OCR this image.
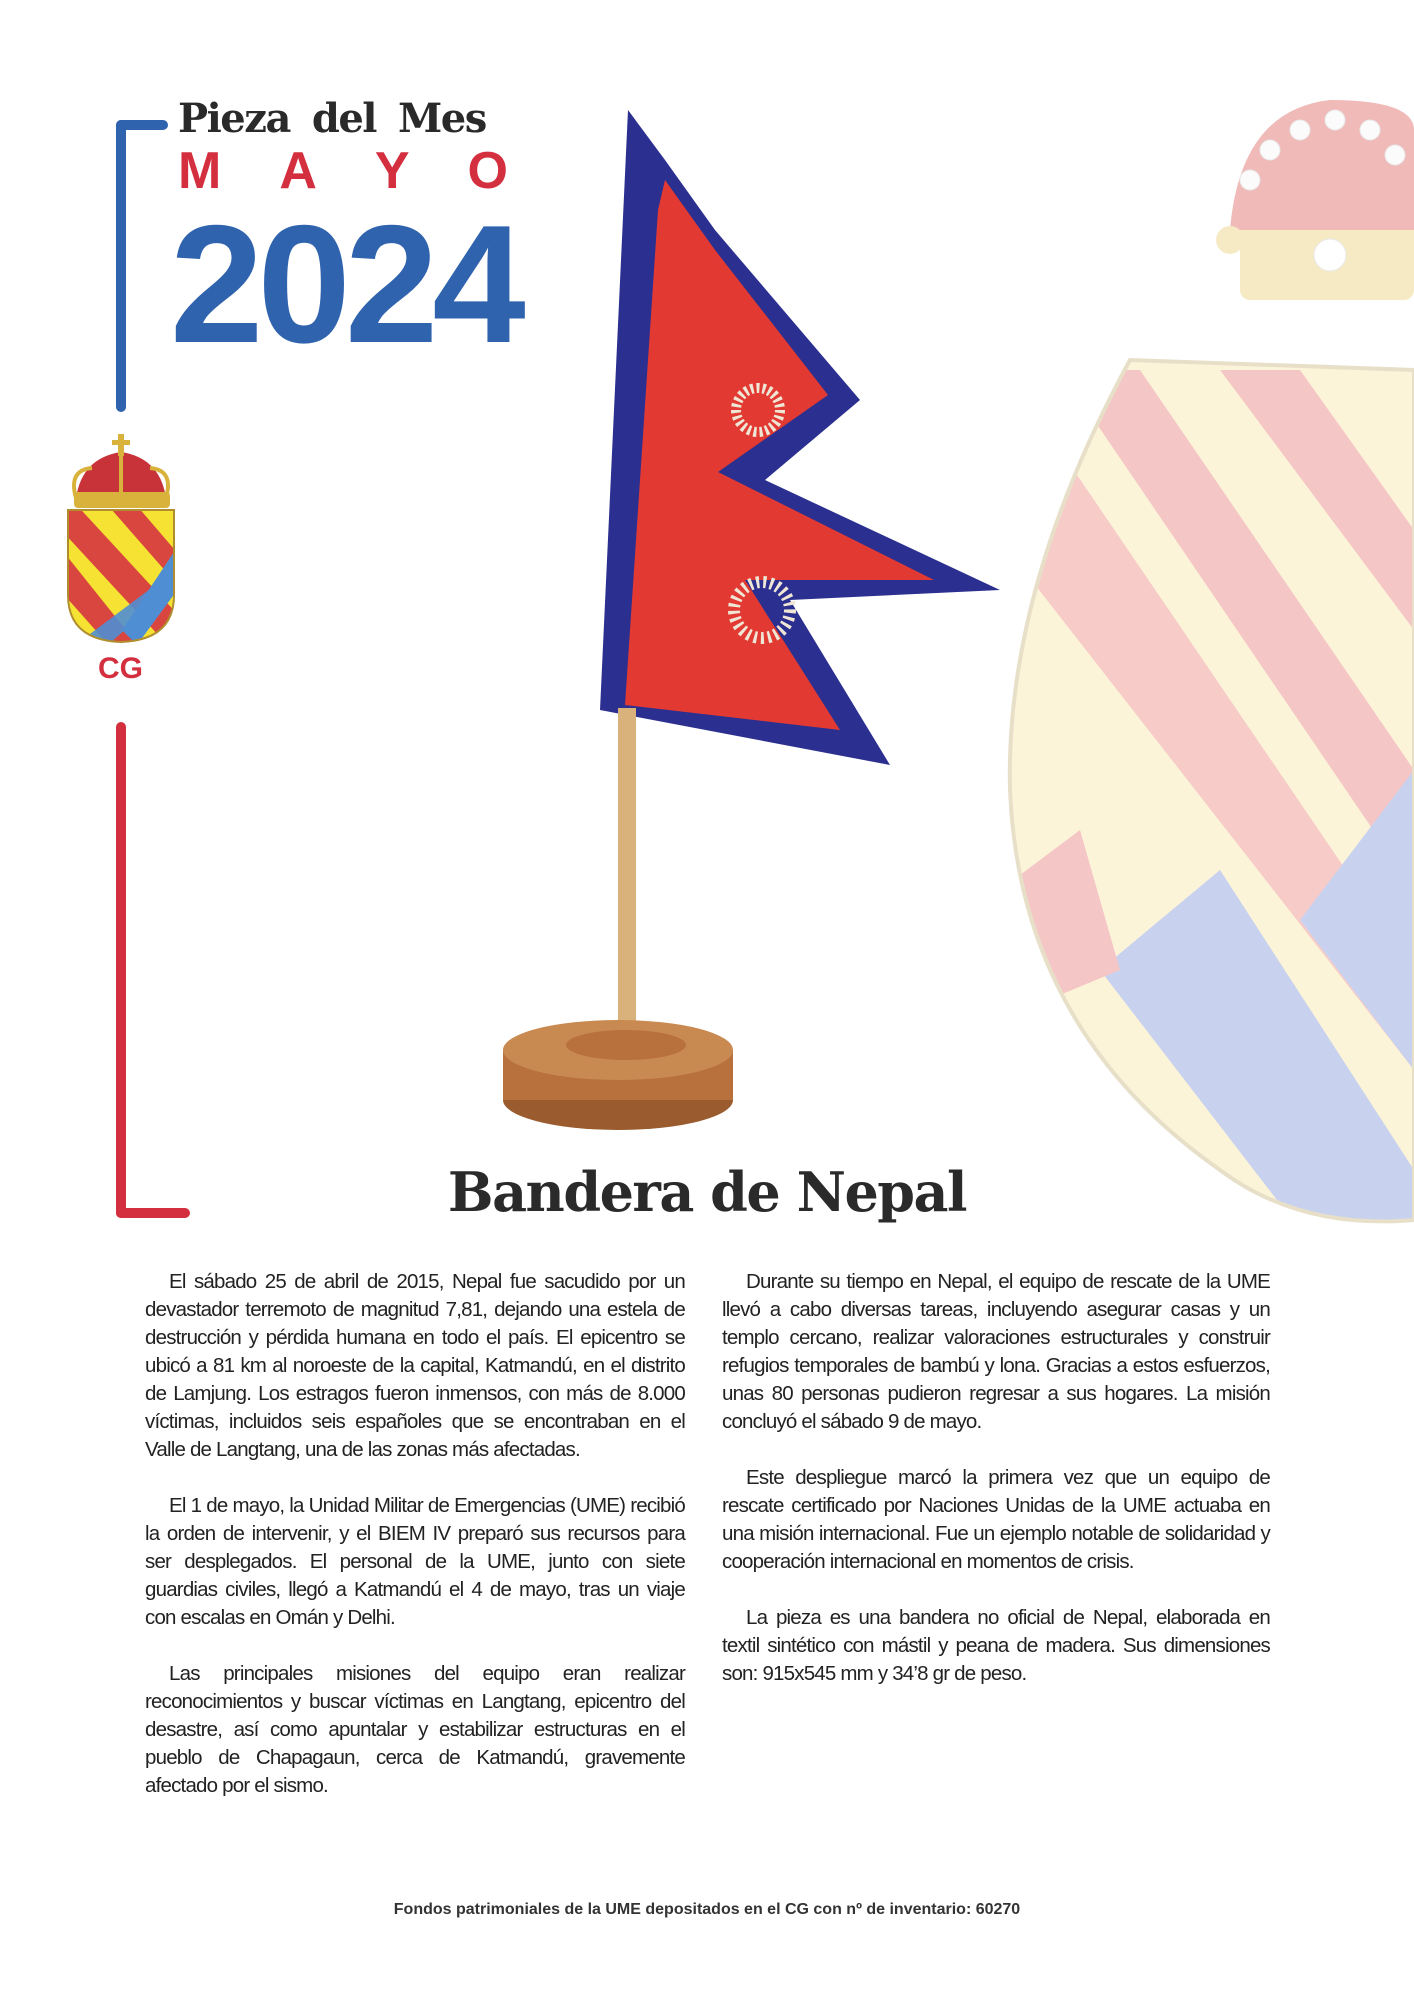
Pieza del Mes
M A Y O
2024
CG
Bandera de Nepal

El sábado 25 de abril de 2015, Nepal fue sacudido por un devastador terremoto de magnitud 7,81, dejando una estela de destrucción y pérdida humana en todo el país. El epicentro se ubicó a 81 km al noroeste de la capital, Katmandú, en el distrito de Lamjung. Los estragos fueron inmensos, con más de 8.000 víctimas, incluidos seis españoles que se encontraban en el Valle de Langtang, una de las zonas más afectadas.

El 1 de mayo, la Unidad Militar de Emergencias (UME) recibió la orden de intervenir, y el BIEM IV preparó sus recursos para ser desplegados. El personal de la UME, junto con siete guardias civiles, llegó a Katmandú el 4 de mayo, tras un viaje con escalas en Omán y Delhi.

Las principales misiones del equipo eran realizar reconocimientos y buscar víctimas en Langtang, epicentro del desastre, así como apuntalar y estabilizar estructuras en el pueblo de Chapagaun, cerca de Katmandú, gravemente afectado por el sismo.

Durante su tiempo en Nepal, el equipo de rescate de la UME llevó a cabo diversas tareas, incluyendo asegurar casas y un templo cercano, realizar valoraciones estructurales y construir refugios temporales de bambú y lona. Gracias a estos esfuerzos, unas 80 personas pudieron regresar a sus hogares. La misión concluyó el sábado 9 de mayo.

Este despliegue marcó la primera vez que un equipo de rescate certificado por Naciones Unidas de la UME actuaba en una misión internacional. Fue un ejemplo notable de solidaridad y cooperación internacional en momentos de crisis.

La pieza es una bandera no oficial de Nepal, elaborada en textil sintético con mástil y peana de madera. Sus dimensiones son: 915x545 mm y 34’8 gr de peso.

Fondos patrimoniales de la UME depositados en el CG con nº de inventario: 60270
